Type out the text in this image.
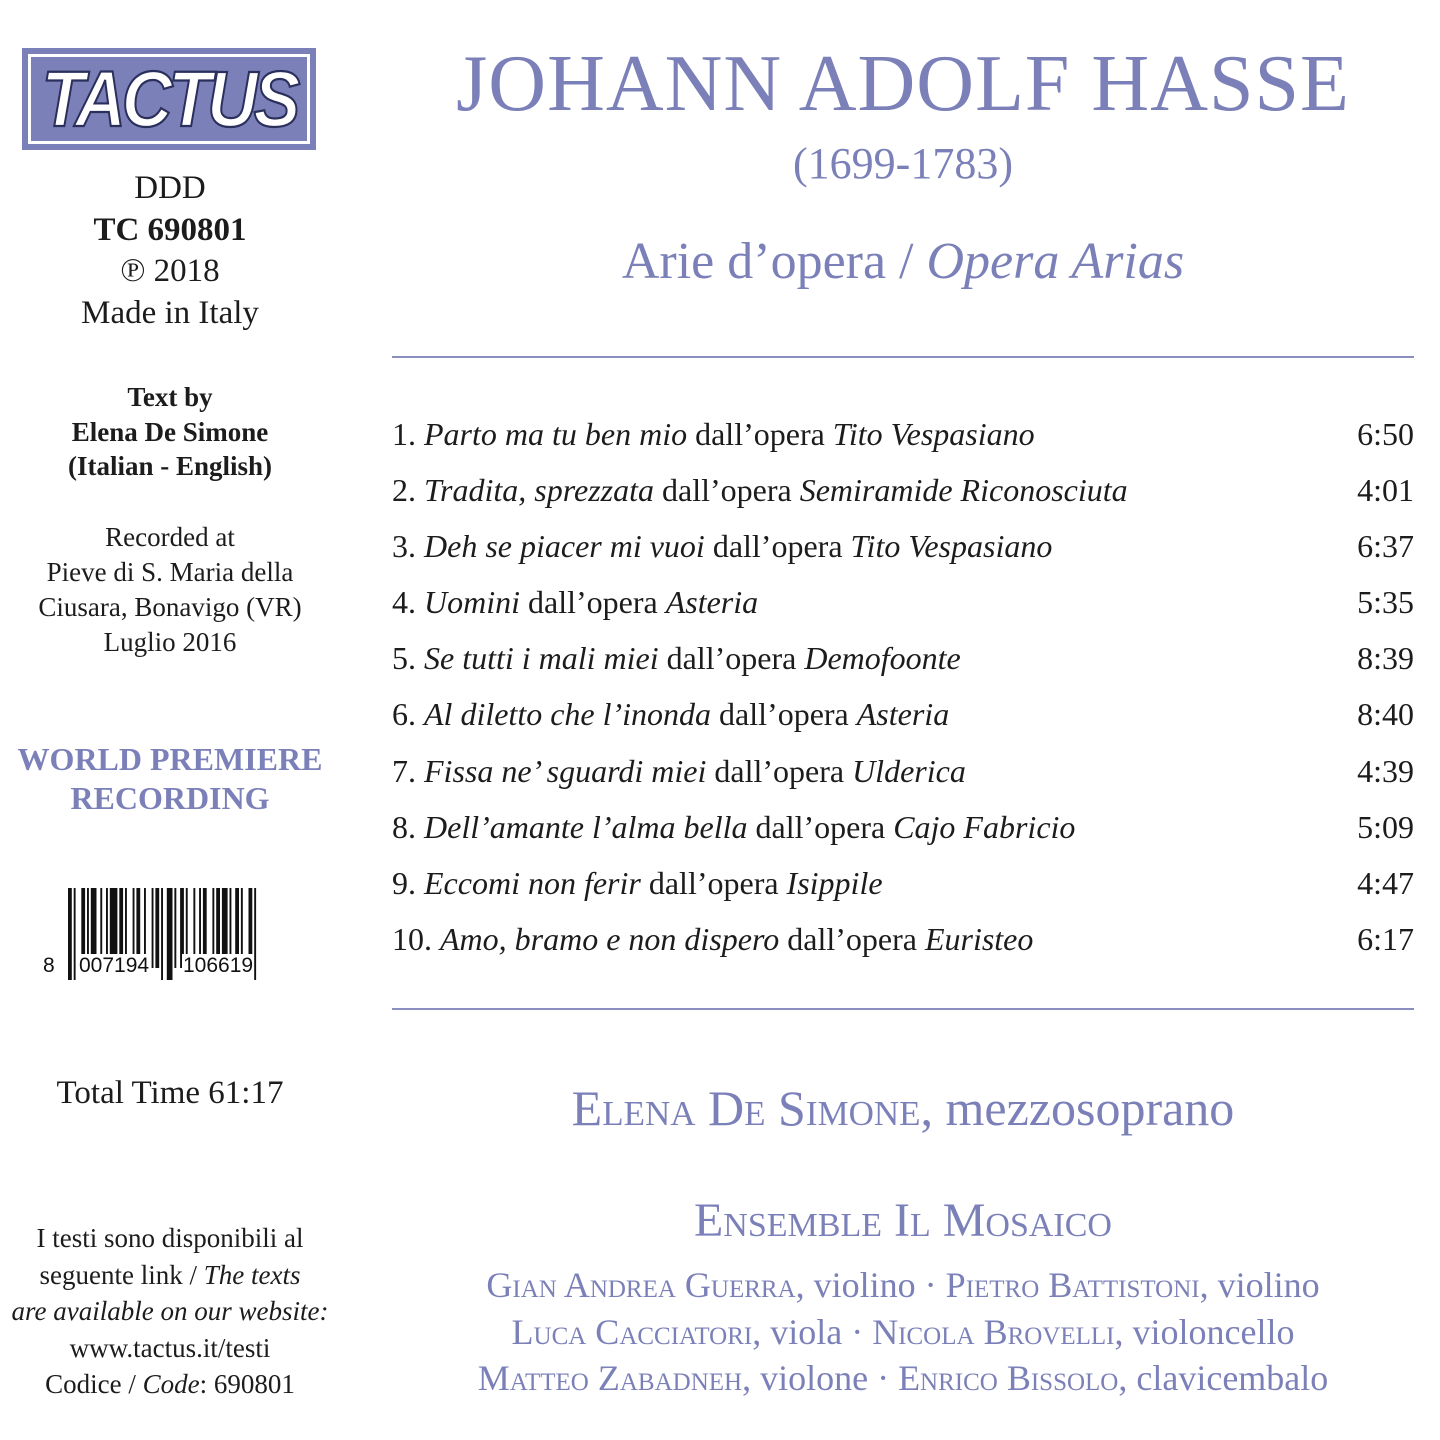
TACTUS
DDD
TC 690801
℗ 2018
Made in Italy
Text by
Elena De Simone
(Italian - English)
Recorded at
Pieve di S. Maria della
Ciusara, Bonavigo (VR)
Luglio 2016
WORLD PREMIERE
RECORDING
8 007194 106619
Total Time 61:17
I testi sono disponibili al
seguente link / The texts
are available on our website:
www.tactus.it/testi
Codice / Code: 690801
JOHANN ADOLF HASSE
(1699-1783)
Arie d’opera / Opera Arias
1. Parto ma tu ben mio dall’opera Tito Vespasiano	6:50
2. Tradita, sprezzata dall’opera Semiramide Riconosciuta	4:01
3. Deh se piacer mi vuoi dall’opera Tito Vespasiano	6:37
4. Uomini dall’opera Asteria	5:35
5. Se tutti i mali miei dall’opera Demofoonte	8:39
6. Al diletto che l’inonda dall’opera Asteria	8:40
7. Fissa ne’ sguardi miei dall’opera Ulderica	4:39
8. Dell’amante l’alma bella dall’opera Cajo Fabricio	5:09
9. Eccomi non ferir dall’opera Isippile	4:47
10. Amo, bramo e non dispero dall’opera Euristeo	6:17
Elena De Simone, mezzosoprano
Ensemble Il Mosaico
Gian Andrea Guerra, violino · Pietro Battistoni, violino
Luca Cacciatori, viola · Nicola Brovelli, violoncello
Matteo Zabadneh, violone · Enrico Bissolo, clavicembalo
